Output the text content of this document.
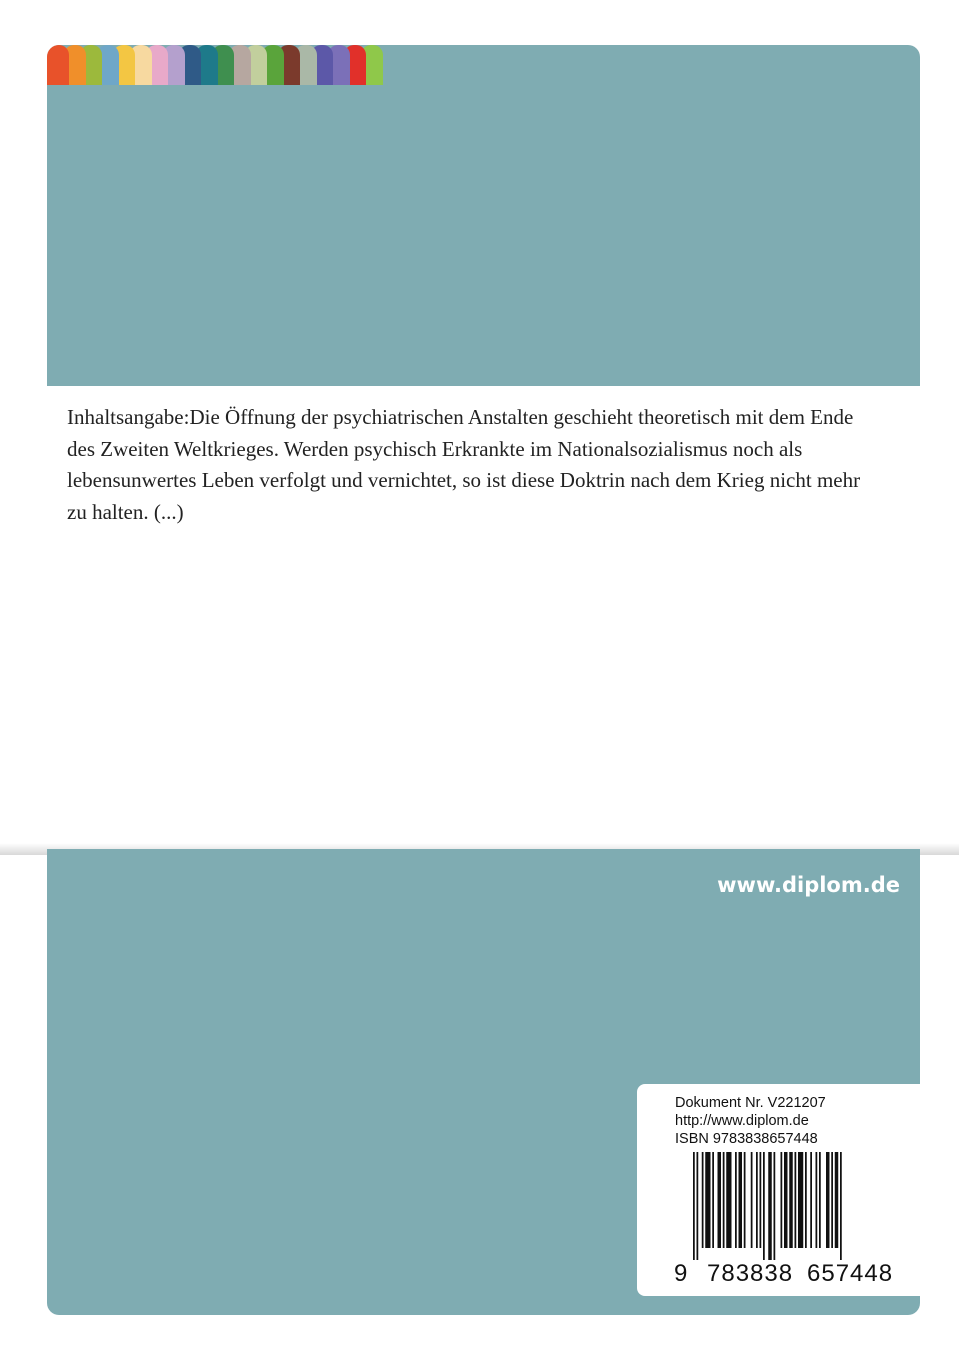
Inhaltsangabe:Die Öffnung der psychiatrischen Anstalten geschieht theoretisch mit dem Ende des Zweiten Weltkrieges. Werden psychisch Erkrankte im Nationalsozialismus noch als lebensunwertes Leben verfolgt und vernichtet, so ist diese Doktrin nach dem Krieg nicht mehr zu halten. (...)

www.diplom.de
Dokument Nr. V221207
http://www.diplom.de
ISBN 9783838657448
9 783838 657448
